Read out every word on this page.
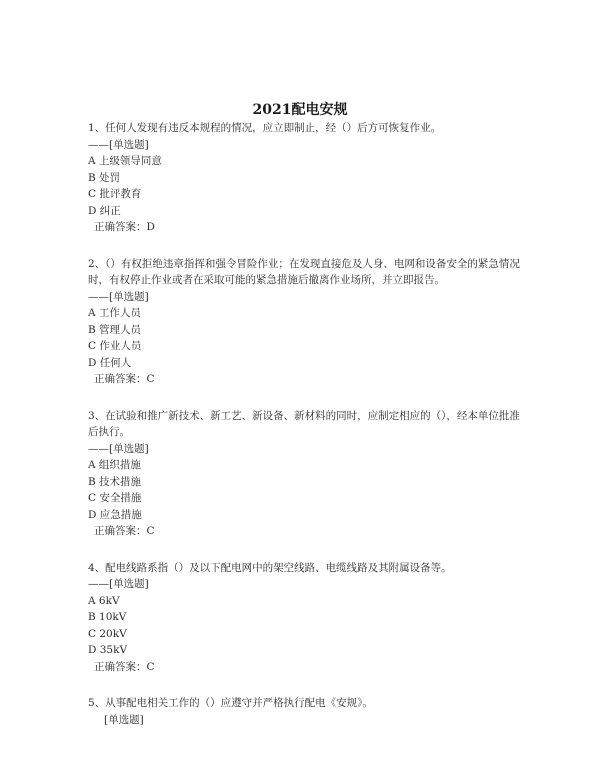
2021配电安规

1、任何人发现有违反本规程的情况，应立即制止，经（）后方可恢复作业。

——[单选题]

A 上级领导同意

B 处罚

C 批评教育

D 纠正

正确答案：D

2、（）有权拒绝违章指挥和强令冒险作业；在发现直接危及人身、电网和设备安全的紧急情况时，有权停止作业或者在采取可能的紧急措施后撤离作业场所，并立即报告。

——[单选题]

A 工作人员

B 管理人员

C 作业人员

D 任何人

正确答案：C

3、在试验和推广新技术、新工艺、新设备、新材料的同时，应制定相应的（），经本单位批准后执行。

——[单选题]

A 组织措施

B 技术措施

C 安全措施

D 应急措施

正确答案：C

4、配电线路系指（）及以下配电网中的架空线路、电缆线路及其附属设备等。

——[单选题]

A 6kV

B 10kV

C 20kV

D 35kV

正确答案：C

5、从事配电相关工作的（）应遵守并严格执行配电《安规》。

[单选题]
